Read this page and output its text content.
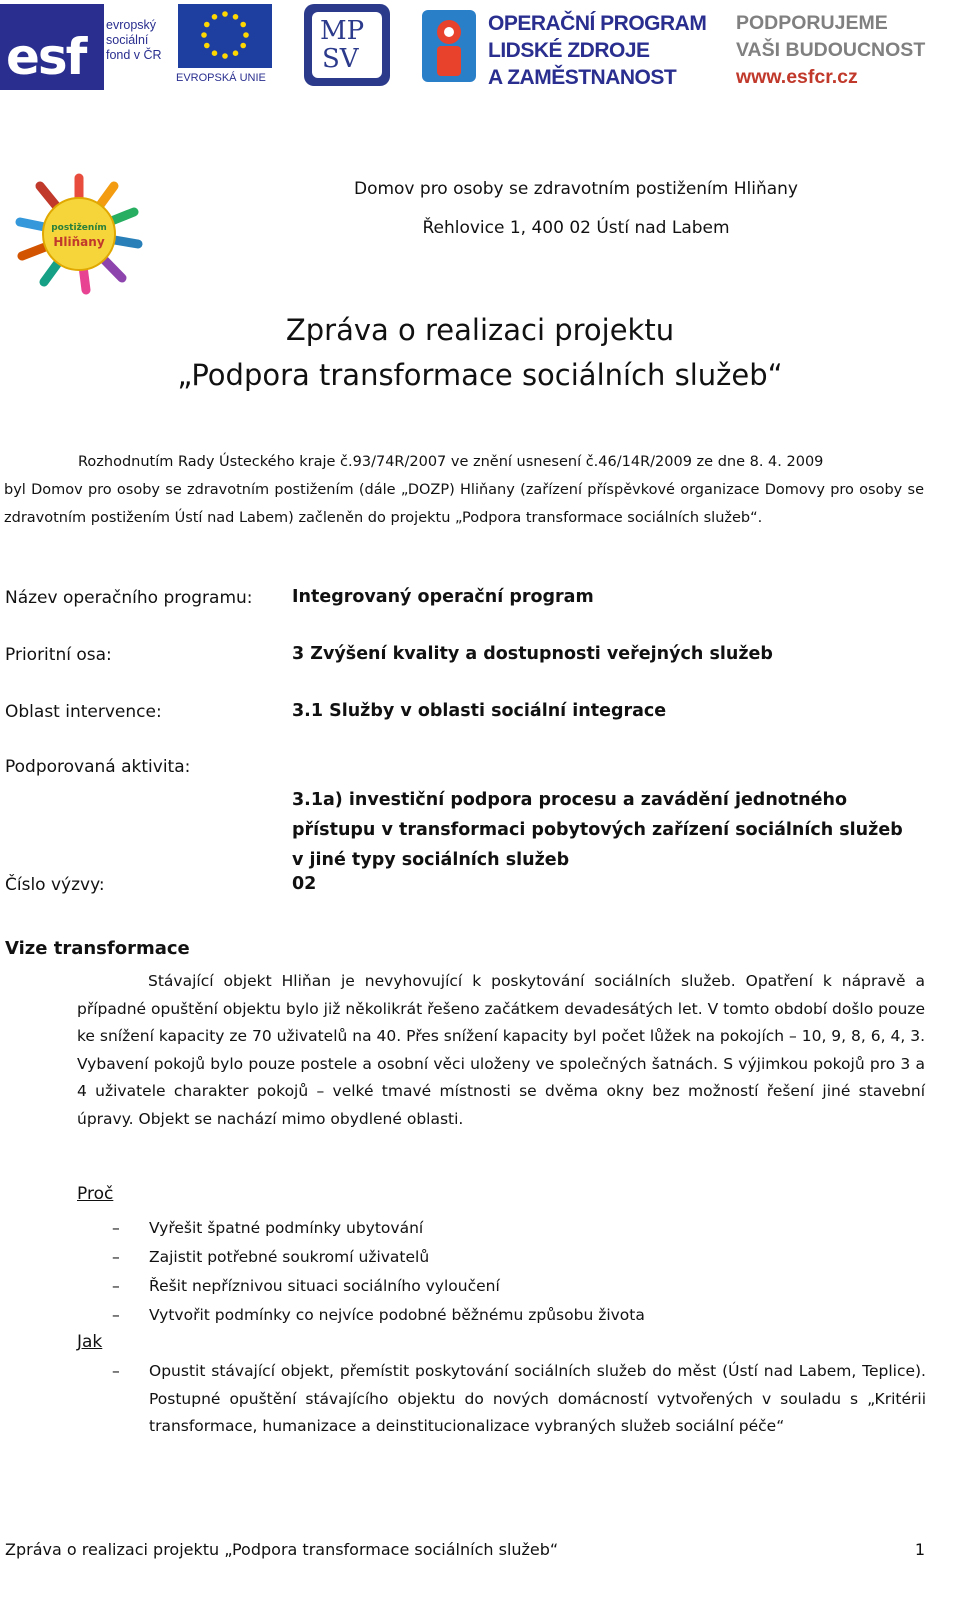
esf
evropský
sociální
fond v ČR
EVROPSKÁ UNIE
MP
SV
OPERAČNÍ PROGRAM
LIDSKÉ ZDROJE
A ZAMĚSTNANOST
PODPORUJEME
VAŠI BUDOUCNOST
www.esfcr.cz
postižením
Hliňany
Domov pro osoby se zdravotním postižením Hliňany
Řehlovice 1, 400 02 Ústí nad Labem
Zpráva o realizaci projektu
„Podpora transformace sociálních služeb“
Rozhodnutím Rady Ústeckého kraje č.93/74R/2007 ve znění usnesení č.46/14R/2009 ze dne 8. 4. 2009
byl Domov pro osoby se zdravotním postižením (dále „DOZP) Hliňany (zařízení příspěvkové organizace Domovy pro osoby se zdravotním postižením Ústí nad Labem) začleněn do projektu „Podpora transformace sociálních služeb“.
Název operačního programu: Integrovaný operační program
Prioritní osa:	3 Zvýšení kvality a dostupnosti veřejných služeb
Oblast intervence:	3.1 Služby v oblasti sociální integrace
Podporovaná aktivita:
3.1a) investiční podpora procesu a zavádění jednotného
přístupu v transformaci pobytových zařízení sociálních služeb
v jiné typy sociálních služeb
Číslo výzvy:	02
Vize transformace
Stávající objekt Hliňan je nevyhovující k poskytování sociálních služeb. Opatření k nápravě a případné opuštění objektu bylo již několikrát řešeno začátkem devadesátých let. V tomto období došlo pouze ke snížení kapacity ze 70 uživatelů na 40. Přes snížení kapacity byl počet lůžek na pokojích – 10, 9, 8, 6, 4, 3. Vybavení pokojů bylo pouze postele a osobní věci uloženy ve společných šatnách. S výjimkou pokojů pro 3 a 4 uživatele charakter pokojů – velké tmavé místnosti se dvěma okny bez možností řešení jiné stavební úpravy. Objekt se nachází mimo obydlené oblasti.
Proč
– Vyřešit špatné podmínky ubytování
– Zajistit potřebné soukromí uživatelů
– Řešit nepříznivou situaci sociálního vyloučení
– Vytvořit podmínky co nejvíce podobné běžnému způsobu života
Jak
– Opustit stávající objekt, přemístit poskytování sociálních služeb do měst (Ústí nad Labem, Teplice). Postupné opuštění stávajícího objektu do nových domácností vytvořených v souladu s „Kritérii transformace, humanizace a deinstitucionalizace vybraných služeb sociální péče“
Zpráva o realizaci projektu „Podpora transformace sociálních služeb“	1
